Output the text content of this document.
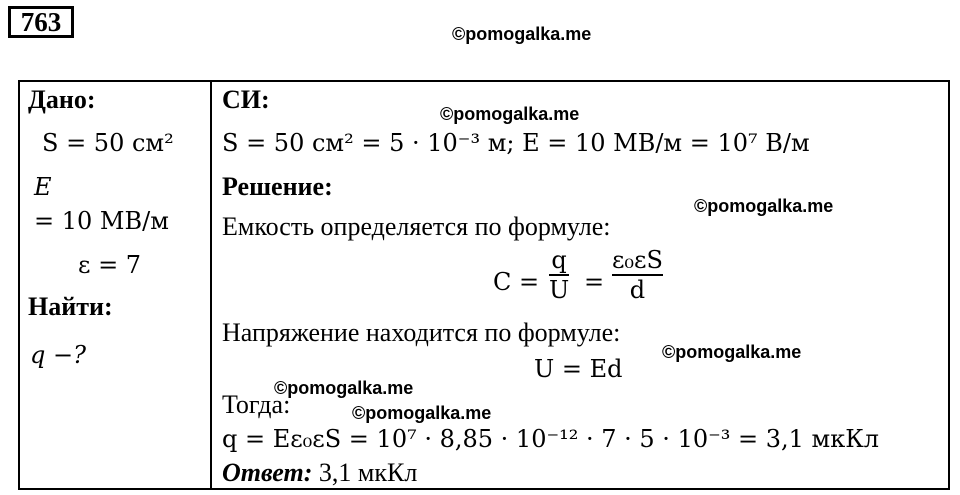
763	©pomogalka.me
©pomogalka.me
©pomogalka.me
©pomogalka.me
©pomogalka.me
©pomogalka.me
Дано:
S = 50 см²
E
= 10 МВ/м
ε = 7
Найти:
q −?
СИ:
S = 50 см² = 5 · 10⁻³ м; E = 10 МВ/м = 10⁷ В/м
Решение:
Емкость определяется по формуле:
C =
q
U =
ε₀εS
d
Напряжение находится по формуле:
U = Ed
Тогда:
q = Eε₀εS = 10⁷ · 8,85 · 10⁻¹² · 7 · 5 · 10⁻³ = 3,1 мкКл
Ответ: 3,1 мкКл
